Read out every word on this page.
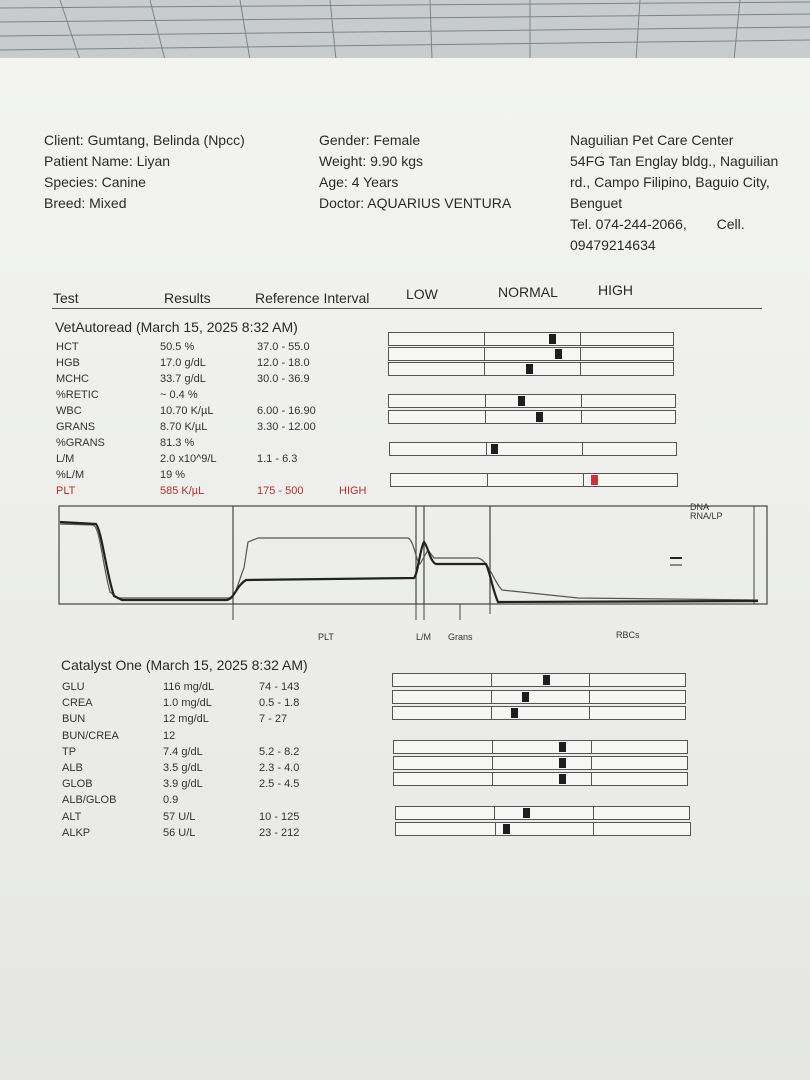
Client: Gumtang, Belinda (Npcc)
Patient Name: Liyan
Species: Canine
Breed: Mixed
Gender: Female
Weight: 9.90 kgs
Age: 4 Years
Doctor: AQUARIUS VENTURA
Naguilian Pet Care Center
54FG Tan Englay bldg., Naguilian rd., Campo Filipino, Baguio City, Benguet
Tel. 074-244-2066, Cell.
09479214634
Test	Results	Reference Interval	LOW	NORMAL	HIGH
VetAutoread (March 15, 2025 8:32 AM)
HCT	50.5 %	37.0 - 55.0
HGB	17.0 g/dL	12.0 - 18.0
MCHC	33.7 g/dL	30.0 - 36.9
%RETIC	~ 0.4 %
WBC	10.70 K/µL	6.00 - 16.90
GRANS	8.70 K/µL	3.30 - 12.00
%GRANS	81.3 %
L/M	2.0 x10^9/L	1.1 - 6.3
%L/M	19 %
PLT	585 K/µL	175 - 500	HIGH
DNA
RNA/LP
PLT	L/M Grans	RBCs
Catalyst One (March 15, 2025 8:32 AM)
GLU	116 mg/dL	74 - 143
CREA	1.0 mg/dL	0.5 - 1.8
BUN	12 mg/dL	7 - 27
BUN/CREA	12
TP	7.4 g/dL	5.2 - 8.2
ALB	3.5 g/dL	2.3 - 4.0
GLOB	3.9 g/dL	2.5 - 4.5
ALB/GLOB	0.9
ALT	57 U/L	10 - 125
ALKP	56 U/L	23 - 212
